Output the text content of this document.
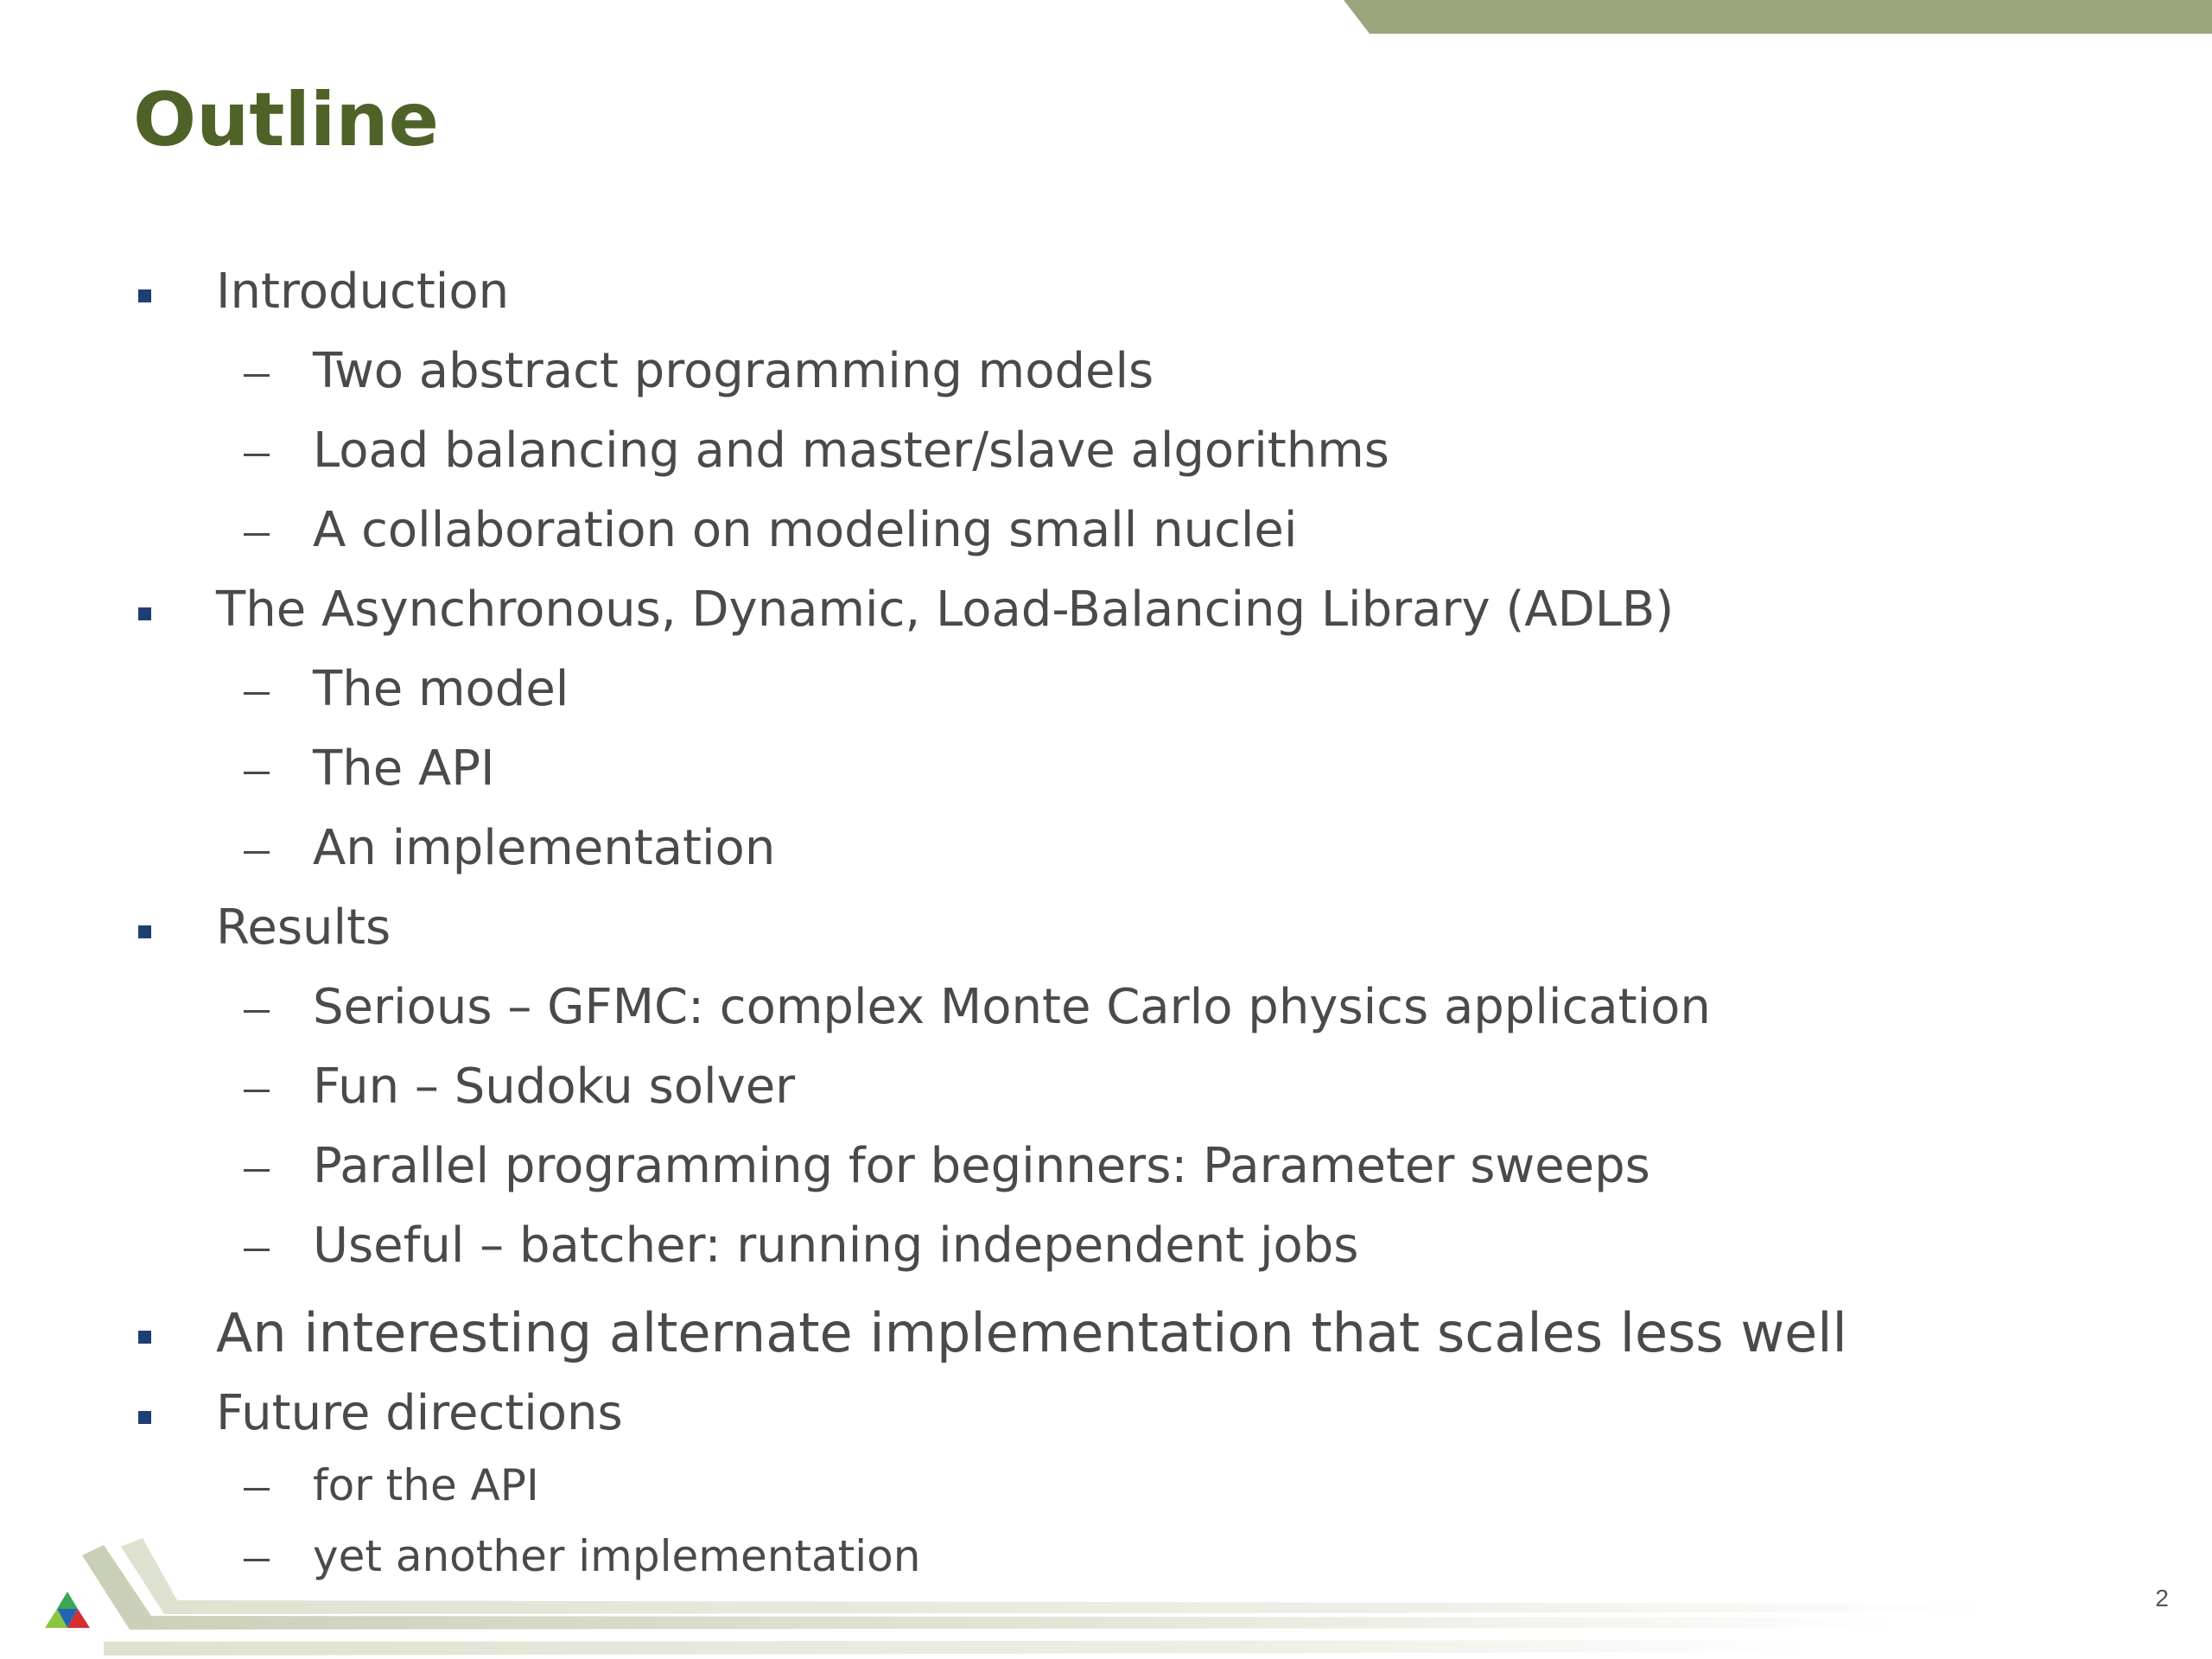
Outline
Introduction
Two abstract programming models
Load balancing and master/slave algorithms
A collaboration on modeling small nuclei
The Asynchronous, Dynamic, Load-Balancing Library (ADLB)
The model
The API
An implementation
Results
Serious – GFMC: complex Monte Carlo physics application
Fun – Sudoku solver
Parallel programming for beginners: Parameter sweeps
Useful – batcher: running independent jobs
An interesting alternate implementation that scales less well
Future directions
for the API
yet another implementation
2
